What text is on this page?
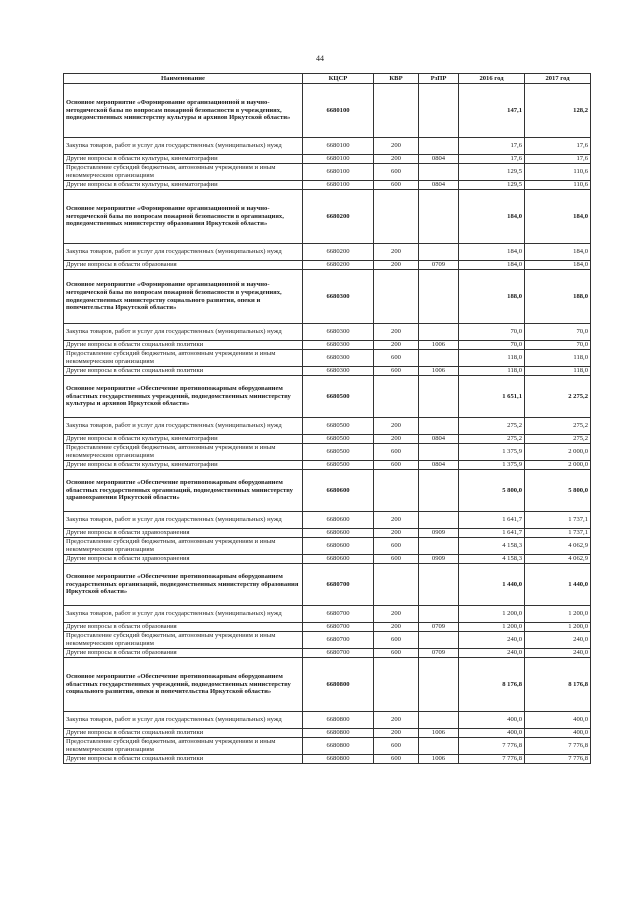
44
Наименование	КЦСР	КВР	РзПР	2016 год	2017 год
Основное мероприятие «Формирование организационной и научно-методической базы по вопросам пожарной безопасности в учреждениях, подведомственных министерству культуры и архивов Иркутской области»	6680100			147,1	128,2
Закупка товаров, работ и услуг для государственных (муниципальных) нужд	6680100	200		17,6	17,6
Другие вопросы в области культуры, кинематографии	6680100	200	0804	17,6	17,6
Предоставление субсидий бюджетным, автономным учреждениям и иным некоммерческим организациям	6680100	600		129,5	110,6
Другие вопросы в области культуры, кинематографии	6680100	600	0804	129,5	110,6
Основное мероприятие «Формирование организационной и научно-методической базы по вопросам пожарной безопасности в организациях, подведомственных министерству образования Иркутской области»	6680200			184,0	184,0
Закупка товаров, работ и услуг для государственных (муниципальных) нужд	6680200	200		184,0	184,0
Другие вопросы в области образования	6680200	200	0709	184,0	184,0
Основное мероприятие «Формирование организационной и научно-методической базы по вопросам пожарной безопасности в учреждениях, подведомственных министерству социального развития, опеки и попечительства Иркутской области»	6680300			188,0	188,0
Закупка товаров, работ и услуг для государственных (муниципальных) нужд	6680300	200		70,0	70,0
Другие вопросы в области социальной политики	6680300	200	1006	70,0	70,0
Предоставление субсидий бюджетным, автономным учреждениям и иным некоммерческим организациям	6680300	600		118,0	118,0
Другие вопросы в области социальной политики	6680300	600	1006	118,0	118,0
Основное мероприятие «Обеспечение противопожарным оборудованием областных государственных учреждений, подведомственных министерству культуры и архивов Иркутской области»	6680500			1 651,1	2 275,2
Закупка товаров, работ и услуг для государственных (муниципальных) нужд	6680500	200		275,2	275,2
Другие вопросы в области культуры, кинематографии	6680500	200	0804	275,2	275,2
Предоставление субсидий бюджетным, автономным учреждениям и иным некоммерческим организациям	6680500	600		1 375,9	2 000,0
Другие вопросы в области культуры, кинематографии	6680500	600	0804	1 375,9	2 000,0
Основное мероприятие «Обеспечение противопожарным оборудованием областных государственных организаций, подведомственных министерству здравоохранения Иркутской области»	6680600			5 800,0	5 800,0
Закупка товаров, работ и услуг для государственных (муниципальных) нужд	6680600	200		1 641,7	1 737,1
Другие вопросы в области здравоохранения	6680600	200	0909	1 641,7	1 737,1
Предоставление субсидий бюджетным, автономным учреждениям и иным некоммерческим организациям	6680600	600		4 158,3	4 062,9
Другие вопросы в области здравоохранения	6680600	600	0909	4 158,3	4 062,9
Основное мероприятие «Обеспечение противопожарным оборудованием государственных организаций, подведомственных министерству образования Иркутской области»	6680700			1 440,0	1 440,0
Закупка товаров, работ и услуг для государственных (муниципальных) нужд	6680700	200		1 200,0	1 200,0
Другие вопросы в области образования	6680700	200	0709	1 200,0	1 200,0
Предоставление субсидий бюджетным, автономным учреждениям и иным некоммерческим организациям	6680700	600		240,0	240,0
Другие вопросы в области образования	6680700	600	0709	240,0	240,0
Основное мероприятие «Обеспечение противопожарным оборудованием областных государственных учреждений, подведомственных министерству социального развития, опеки и попечительства Иркутской области»	6680800			8 176,8	8 176,8
Закупка товаров, работ и услуг для государственных (муниципальных) нужд	6680800	200		400,0	400,0
Другие вопросы в области социальной политики	6680800	200	1006	400,0	400,0
Предоставление субсидий бюджетным, автономным учреждениям и иным некоммерческим организациям	6680800	600		7 776,8	7 776,8
Другие вопросы в области социальной политики	6680800	600	1006	7 776,8	7 776,8
